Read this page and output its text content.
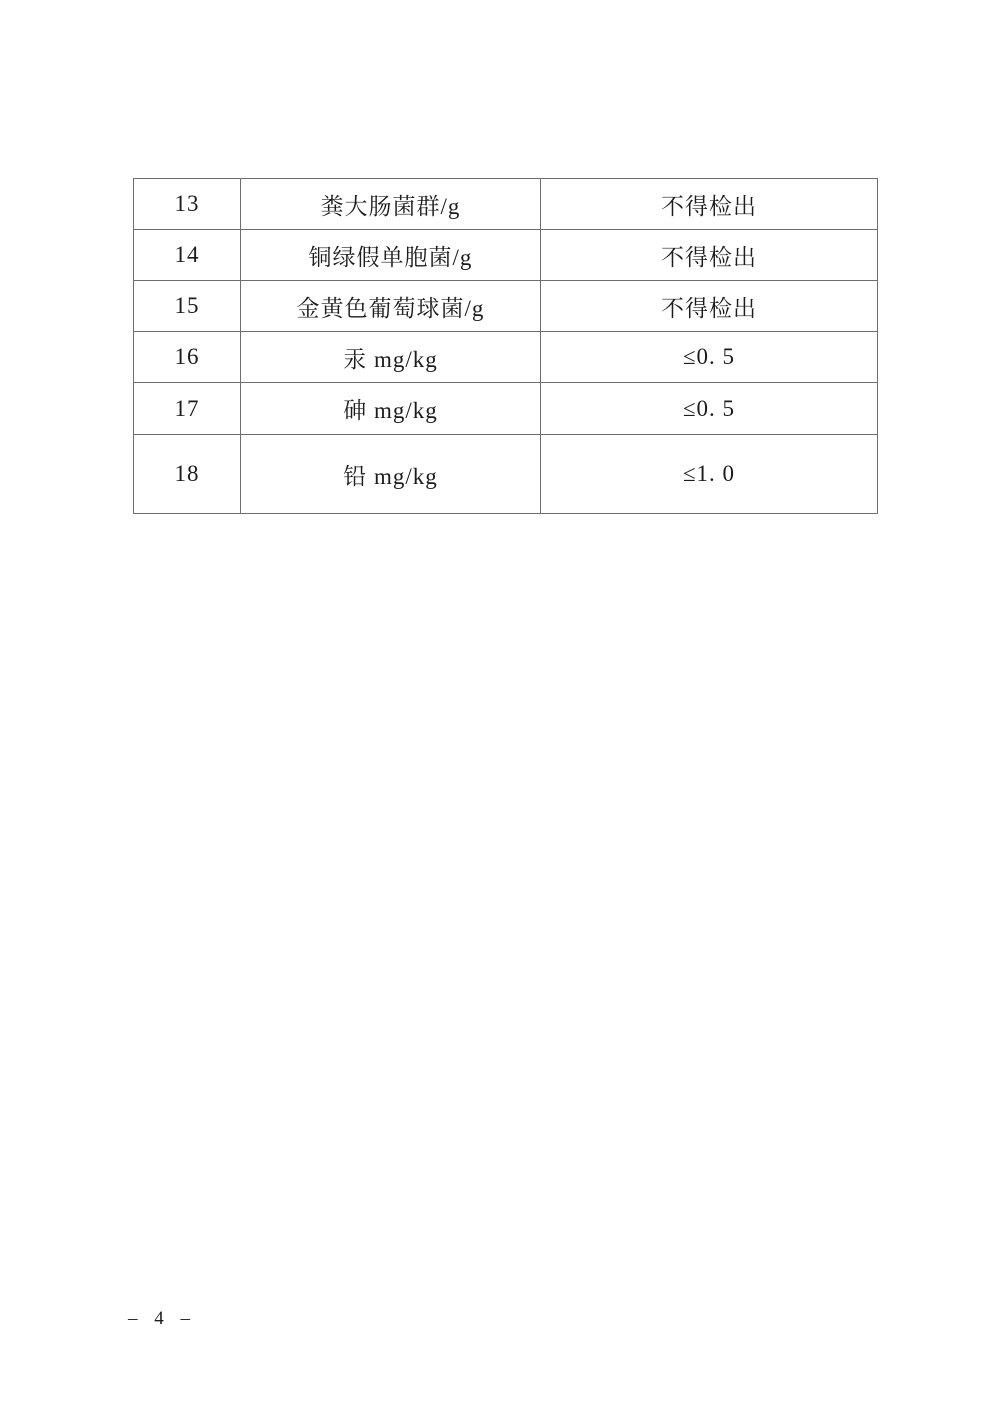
13	粪大肠菌群/g	不得检出
14	铜绿假单胞菌/g	不得检出
15	金黄色葡萄球菌/g	不得检出
16	汞 mg/kg	≤0. 5
17	砷 mg/kg	≤0. 5
18	铅 mg/kg	≤1. 0
– 4 –
